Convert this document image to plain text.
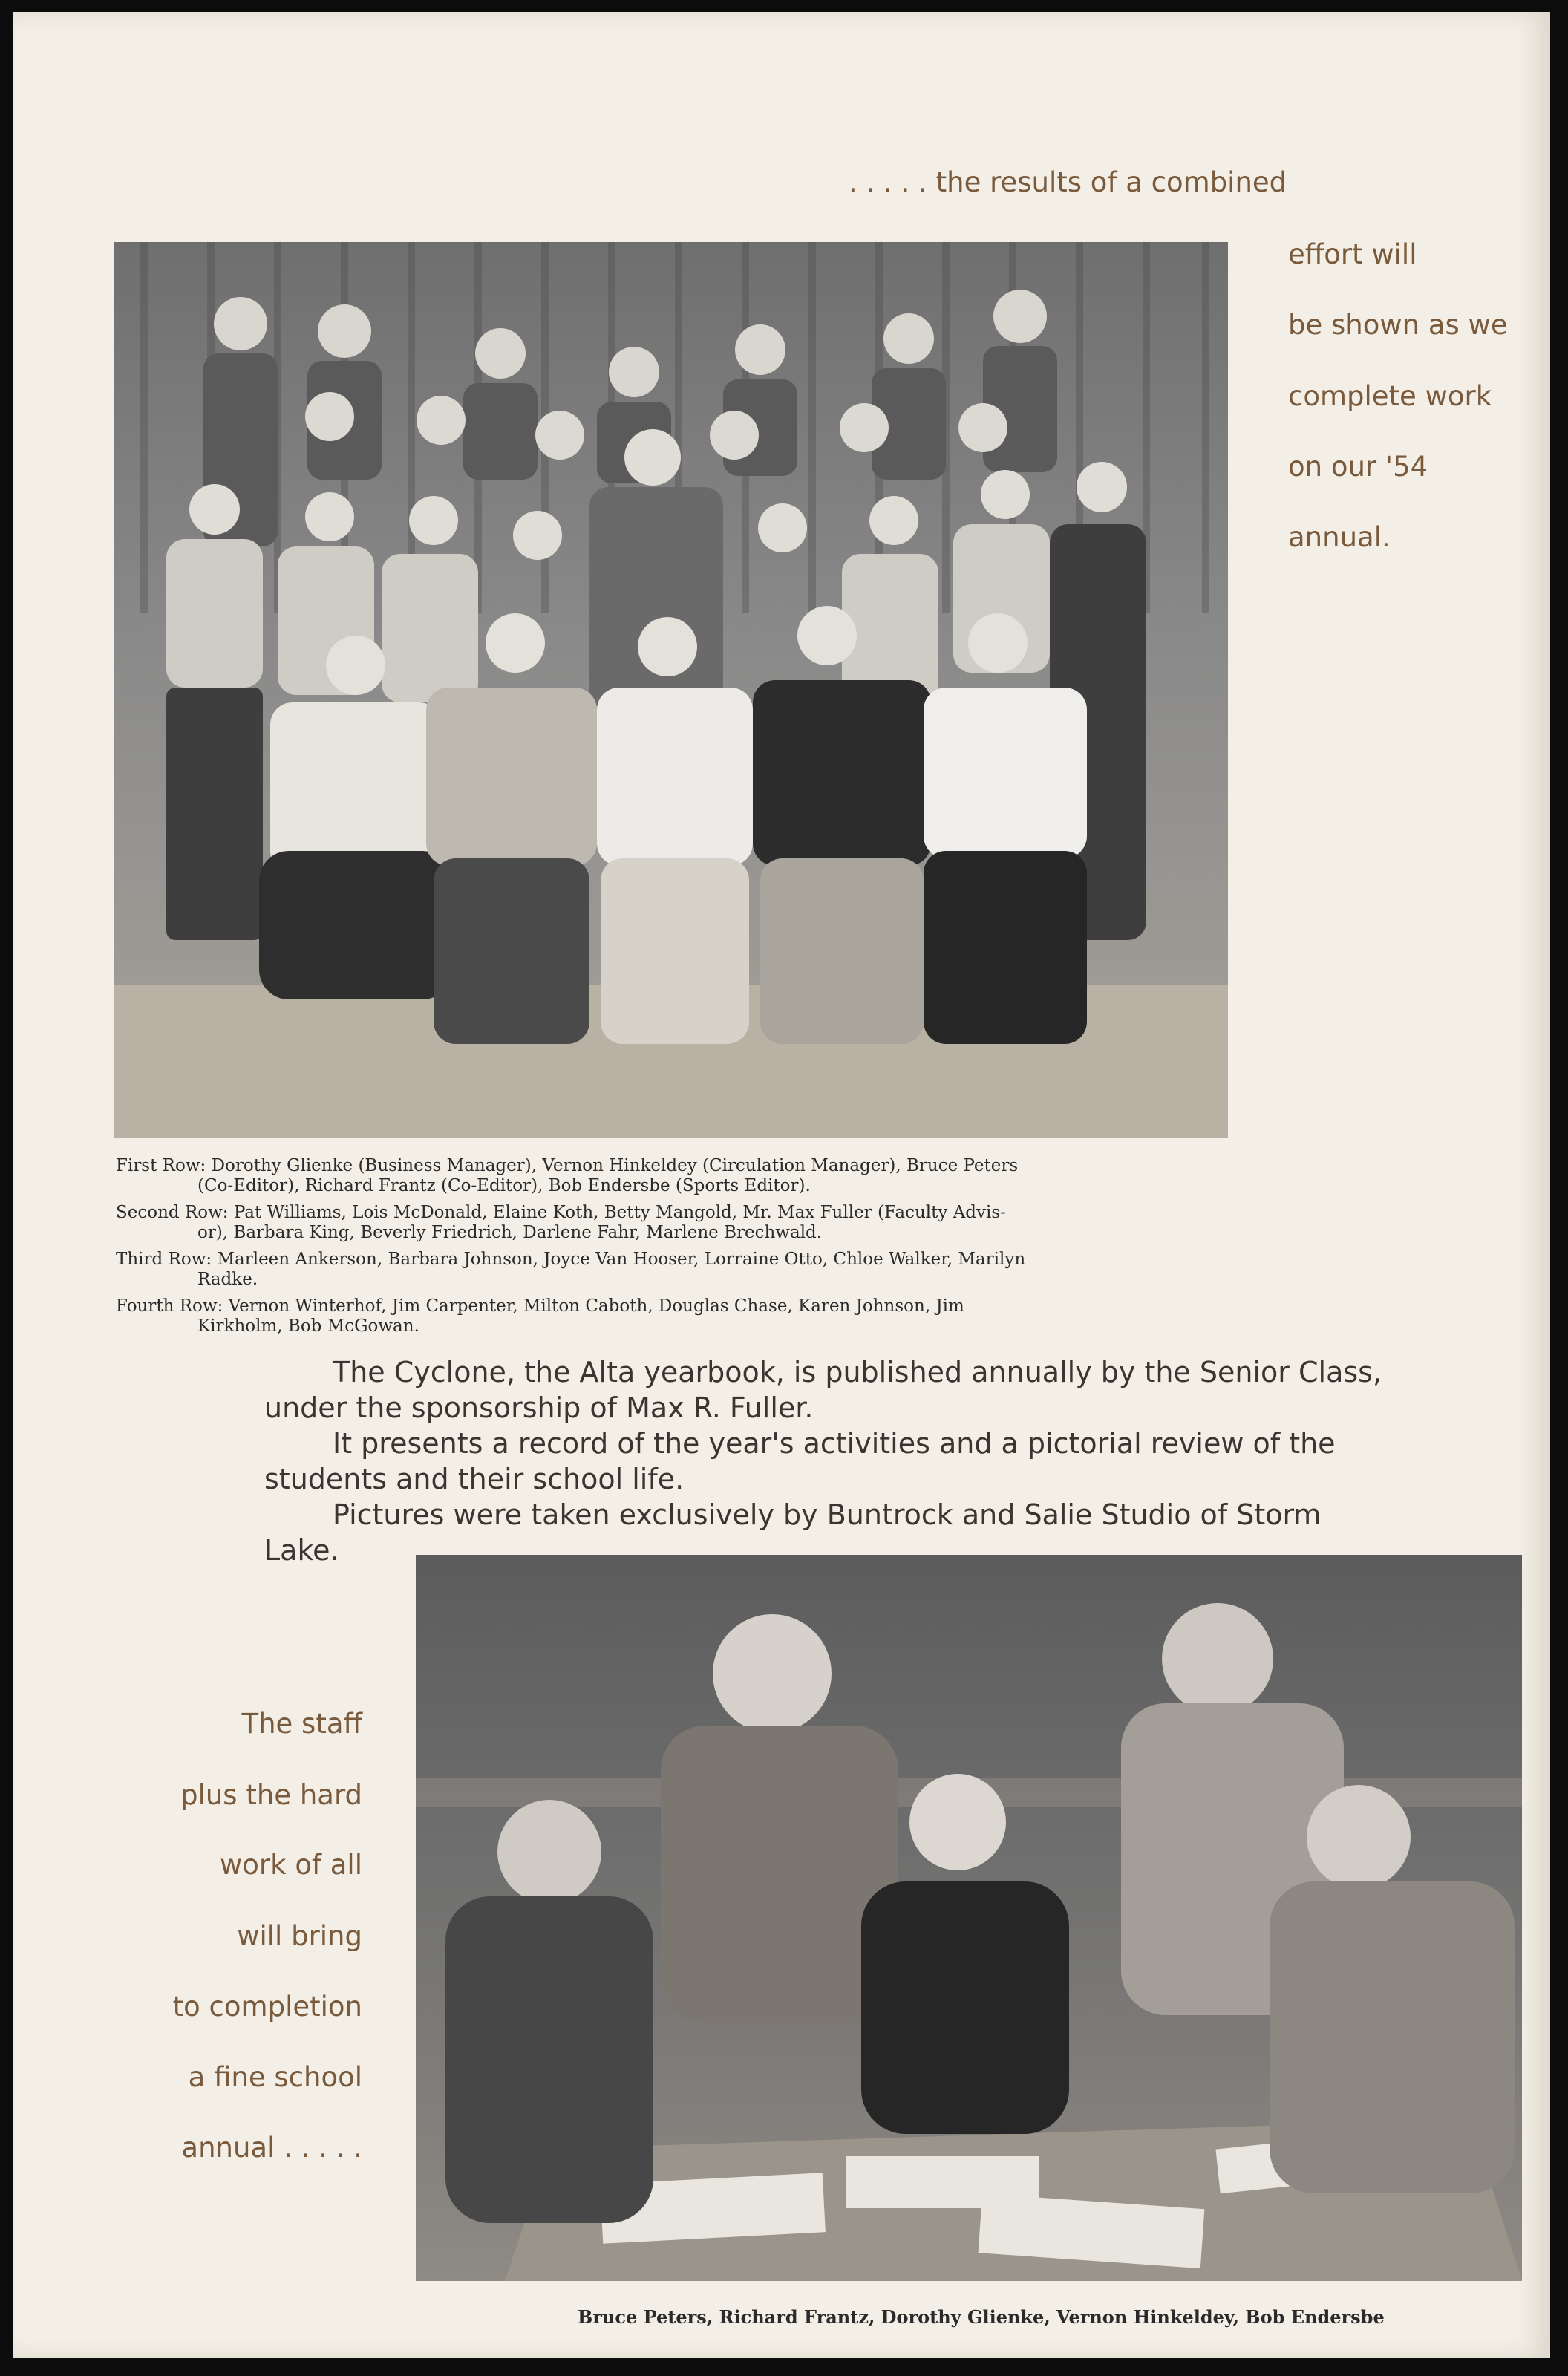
. . . . . the results of a combined
effort will
be shown as we
complete work
on our '54
annual.
First Row: Dorothy Glienke (Business Manager), Vernon Hinkeldey (Circulation Manager), Bruce Peters
(Co-Editor), Richard Frantz (Co-Editor), Bob Endersbe (Sports Editor).
Second Row: Pat Williams, Lois McDonald, Elaine Koth, Betty Mangold, Mr. Max Fuller (Faculty Advis-
or), Barbara King, Beverly Friedrich, Darlene Fahr, Marlene Brechwald.
Third Row: Marleen Ankerson, Barbara Johnson, Joyce Van Hooser, Lorraine Otto, Chloe Walker, Marilyn
Radke.
Fourth Row: Vernon Winterhof, Jim Carpenter, Milton Caboth, Douglas Chase, Karen Johnson, Jim
Kirkholm, Bob McGowan.

The Cyclone, the Alta yearbook, is published annually by the Senior Class, under the sponsorship of Max R. Fuller.

It presents a record of the year's activities and a pictorial review of the students and their school life.

Pictures were taken exclusively by Buntrock and Salie Studio of Storm Lake.

The staff
plus the hard
work of all
will bring
to completion
a fine school
annual . . . . .
Bruce Peters, Richard Frantz, Dorothy Glienke, Vernon Hinkeldey, Bob Endersbe
